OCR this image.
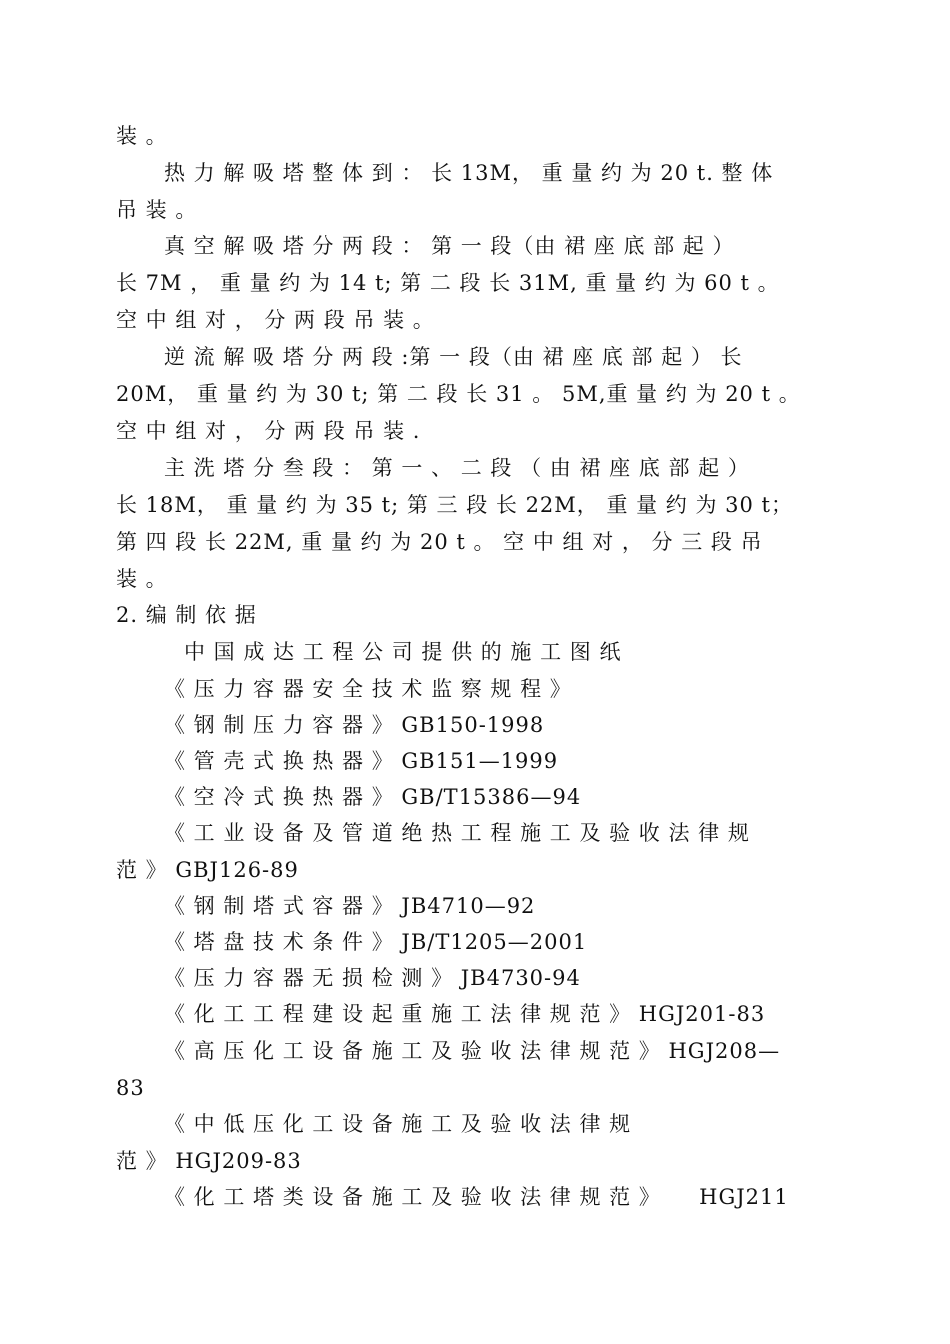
装 。
热 力 解 吸 塔 整 体 到 ： 长 13M， 重 量 约 为 20 t. 整 体
吊 装 。
真 空 解 吸 塔 分 两 段 ： 第 一 段（由 裙 座 底 部 起 ）
长 7M ， 重 量 约 为 14 t; 第 二 段 长 31M, 重 量 约 为 60 t 。
空 中 组 对 ， 分 两 段 吊 装 。
逆 流 解 吸 塔 分 两 段 :第 一 段（由 裙 座 底 部 起 ） 长
20M， 重 量 约 为 30 t; 第 二 段 长 31 。 5M,重 量 约 为 20 t 。
空 中 组 对 ， 分 两 段 吊 装 .
主 洗 塔 分 叁 段 ： 第 一 、 二 段 （ 由 裙 座 底 部 起 ）
长 18M， 重 量 约 为 35 t; 第 三 段 长 22M， 重 量 约 为 30 t；
第 四 段 长 22M, 重 量 约 为 20 t 。 空 中 组 对 ， 分 三 段 吊
装 。
2. 编 制 依 据
中 国 成 达 工 程 公 司 提 供 的 施 工 图 纸
《 压 力 容 器 安 全 技 术 监 察 规 程 》
《 钢 制 压 力 容 器 》 GB150-1998
《 管 壳 式 换 热 器 》 GB151—1999
《 空 冷 式 换 热 器 》 GB/T15386—94
《 工 业 设 备 及 管 道 绝 热 工 程 施 工 及 验 收 法 律 规
范 》 GBJ126-89
《 钢 制 塔 式 容 器 》 JB4710—92
《 塔 盘 技 术 条 件 》 JB/T1205—2001
《 压 力 容 器 无 损 检 测 》 JB4730-94
《 化 工 工 程 建 设 起 重 施 工 法 律 规 范 》 HGJ201-83
《 高 压 化 工 设 备 施 工 及 验 收 法 律 规 范 》 HGJ208—
83
《 中 低 压 化 工 设 备 施 工 及 验 收 法 律 规
范 》 HGJ209-83
《 化 工 塔 类 设 备 施 工 及 验 收 法 律 规 范 》     HGJ211
